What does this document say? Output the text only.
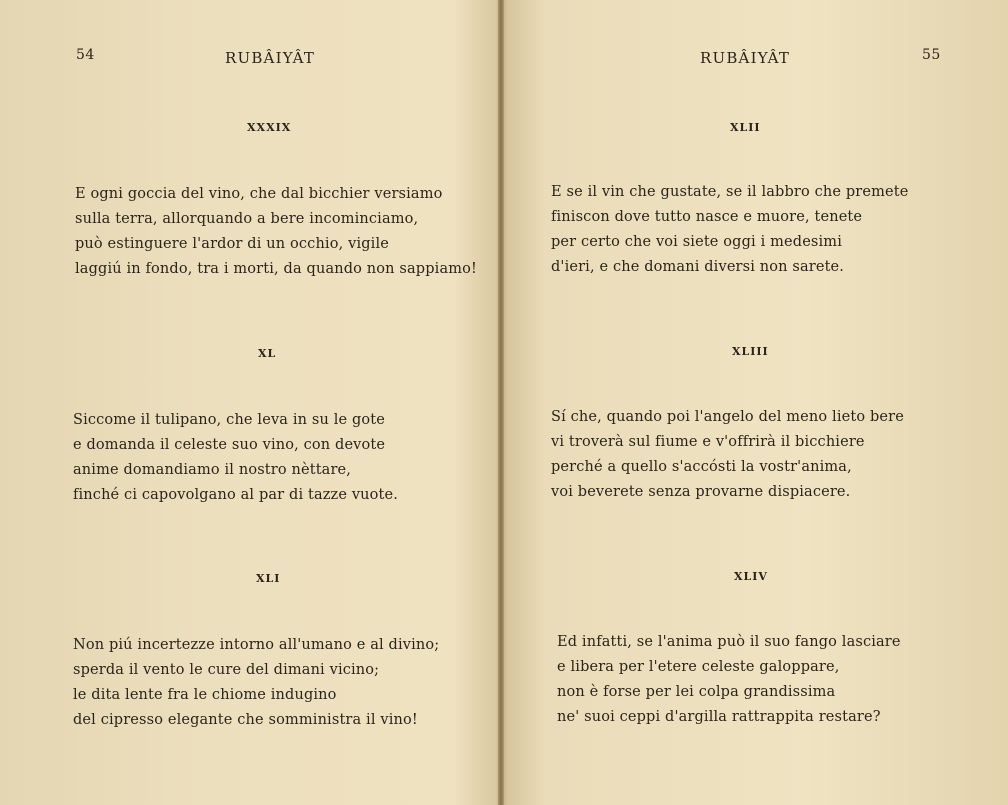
54	RUBÂIYÂT
XXXIX
E ogni goccia del vino, che dal bicchier versiamo
sulla terra, allorquando a bere incominciamo,
può estinguere l'ardor di un occhio, vigile
laggiú in fondo, tra i morti, da quando non sappiamo!
XL
Siccome il tulipano, che leva in su le gote
e domanda il celeste suo vino, con devote
anime domandiamo il nostro nèttare,
finché ci capovolgano al par di tazze vuote.
XLI
Non piú incertezze intorno all'umano e al divino;
sperda il vento le cure del dimani vicino;
le dita lente fra le chiome indugino
del cipresso elegante che somministra il vino!
RUBÂIYÂT	55
XLII
E se il vin che gustate, se il labbro che premete
finiscon dove tutto nasce e muore, tenete
per certo che voi siete oggi i medesimi
d'ieri, e che domani diversi non sarete.
XLIII
Sí che, quando poi l'angelo del meno lieto bere
vi troverà sul fiume e v'offrirà il bicchiere
perché a quello s'accósti la vostr'anima,
voi beverete senza provarne dispiacere.
XLIV
Ed infatti, se l'anima può il suo fango lasciare
e libera per l'etere celeste galoppare,
non è forse per lei colpa grandissima
ne' suoi ceppi d'argilla rattrappita restare?
